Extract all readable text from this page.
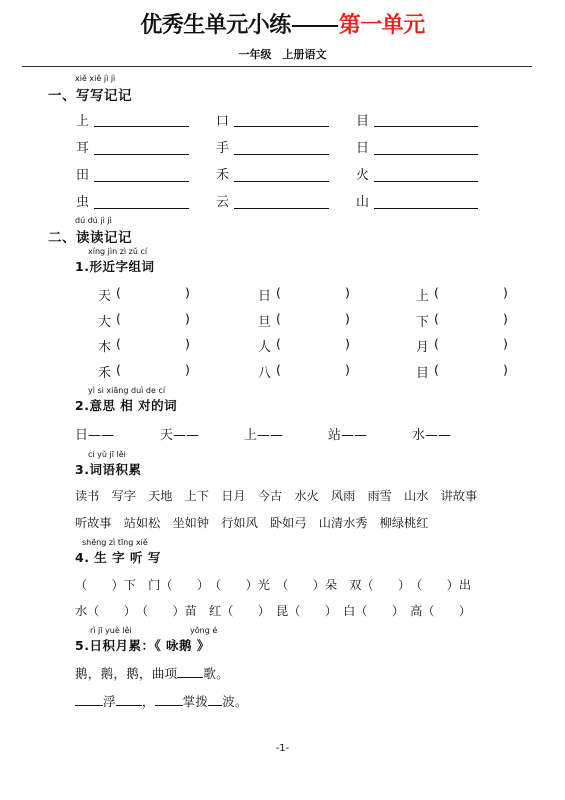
优秀生单元小练 第一单元
一年级　上册语文
xiě xiě jì jì
一、写写记记
上	口	目
耳	手	日
田	禾	火
虫	云	山
dú dú jì jì
二、读读记记
xíng jìn zì zǔ cí
1.形近字组词
天 (	)	日 (	)	上 (	)
大 (	)	旦 (	)	下 (	)
木 (	)	人 (	)	月 (	)
禾 (	)	八 (	)	目 (	)
yì si xiāng duì de cí
2.意思 相 对的词
日——	天——	上——	站——	水——
cí yǔ jī lěi
3.词语积累
读书　写字　天地　上下　日月　今古　水火　风雨　雨雪　山水　讲故事
听故事　站如松　坐如钟　行如风　卧如弓　山清水秀　柳绿桃红
shēng zì tīng xiě
4. 生 字 听 写
（　　）下　门（　　）　（　　）光　（　　）朵　双（　　）　（　　）出
水（　　）　（　　）苗　红（　　）　昆（　　）　白（　　）　高（　　）
rì jī yuè lěi	yǒng é
5.日积月累：《 咏鹅 》
鹅，鹅，鹅，曲项 歌。
浮 ， 掌拨 波。
-1-
